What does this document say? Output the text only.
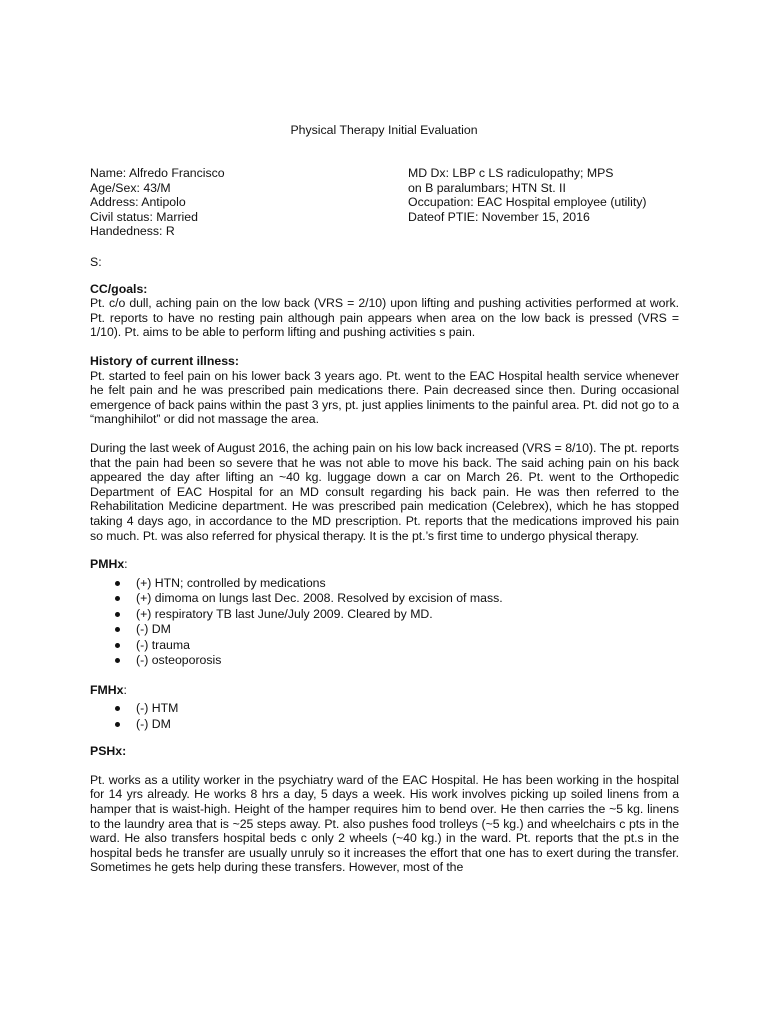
Physical Therapy Initial Evaluation
Name: Alfredo Francisco
Age/Sex: 43/M
Address: Antipolo
Civil status: Married
Handedness: R
MD Dx: LBP c LS radiculopathy; MPS
on B paralumbars; HTN St. II
Occupation: EAC Hospital employee (utility)
Dateof PTIE: November 15, 2016
S:
CC/goals:

Pt. c/o dull, aching pain on the low back (VRS = 2/10) upon lifting and pushing activities performed at work. Pt. reports to have no resting pain although pain appears when area on the low back is pressed (VRS = 1/10). Pt. aims to be able to perform lifting and pushing activities s pain.

History of current illness:

Pt. started to feel pain on his lower back 3 years ago. Pt. went to the EAC Hospital health service whenever he felt pain and he was prescribed pain medications there. Pain decreased since then. During occasional emergence of back pains within the past 3 yrs, pt. just applies liniments to the painful area. Pt. did not go to a “manghihilot” or did not massage the area.

During the last week of August 2016, the aching pain on his low back increased (VRS = 8/10). The pt. reports that the pain had been so severe that he was not able to move his back. The said aching pain on his back appeared the day after lifting an ~40 kg. luggage down a car on March 26. Pt. went to the Orthopedic Department of EAC Hospital for an MD consult regarding his back pain. He was then referred to the Rehabilitation Medicine department. He was prescribed pain medication (Celebrex), which he has stopped taking 4 days ago, in accordance to the MD prescription. Pt. reports that the medications improved his pain so much. Pt. was also referred for physical therapy. It is the pt.’s first time to undergo physical therapy.

PMHx:
(+) HTN; controlled by medications
(+) dimoma on lungs last Dec. 2008. Resolved by excision of mass.
(+) respiratory TB last June/July 2009. Cleared by MD.
(-) DM
(-) trauma
(-) osteoporosis
FMHx:
(-) HTM
(-) DM
PSHx:

Pt. works as a utility worker in the psychiatry ward of the EAC Hospital. He has been working in the hospital for 14 yrs already. He works 8 hrs a day, 5 days a week. His work involves picking up soiled linens from a hamper that is waist-high. Height of the hamper requires him to bend over. He then carries the ~5 kg. linens to the laundry area that is ~25 steps away. Pt. also pushes food trolleys (~5 kg.) and wheelchairs c pts in the ward. He also transfers hospital beds c only 2 wheels (~40 kg.) in the ward. Pt. reports that the pt.s in the hospital beds he transfer are usually unruly so it increases the effort that one has to exert during the transfer. Sometimes he gets help during these transfers. However, most of the
